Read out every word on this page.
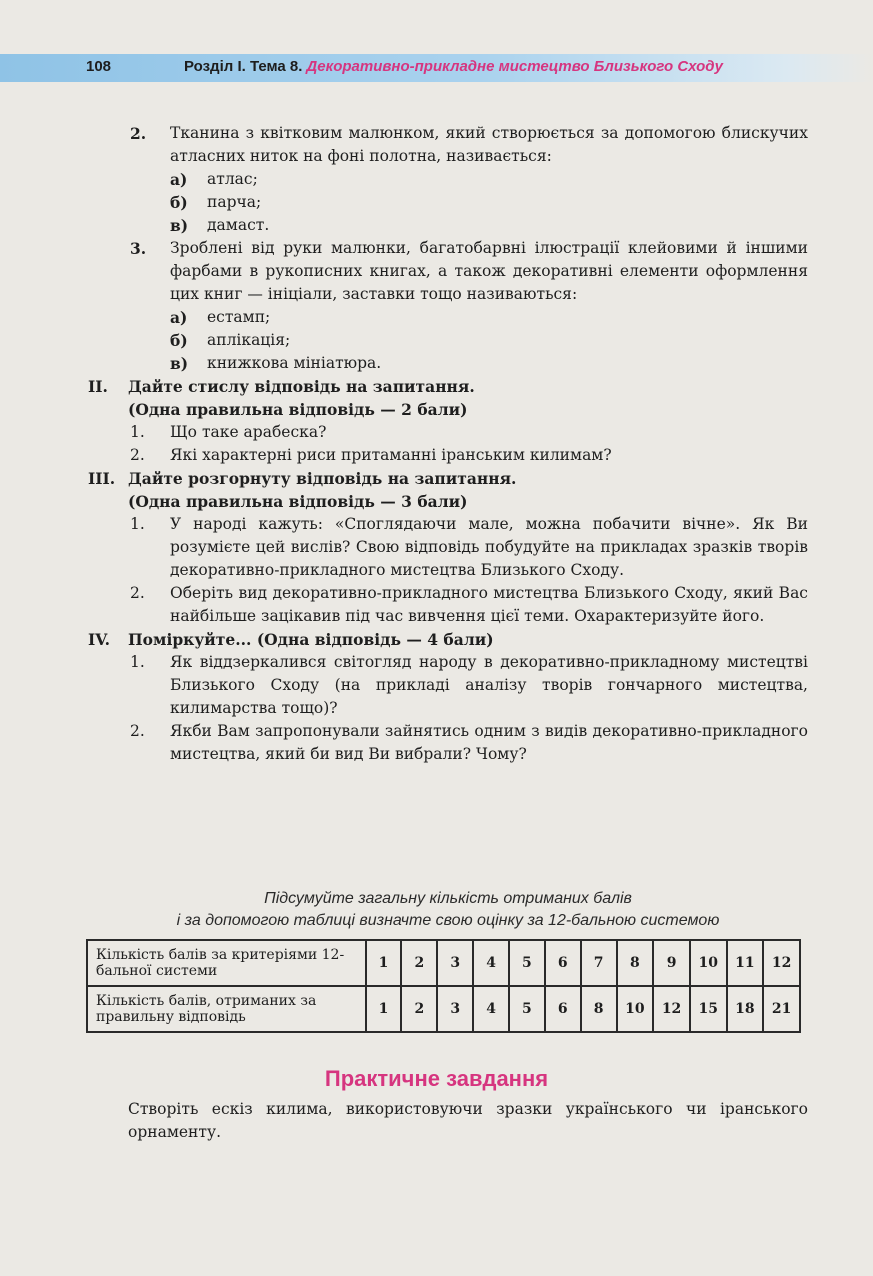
108	Розділ І. Тема 8. Декоративно-прикладне мистецтво Близького Сходу
2. Тканина з квітковим малюнком, який створюється за допомогою блискучих атласних ниток на фоні полотна, називається:
а) атлас;
б) парча;
в) дамаст.
3. Зроблені від руки малюнки, багатобарвні ілюстрації клейовими й іншими фарбами в рукописних книгах, а також декоративні елементи оформлення цих книг — ініціали, заставки тощо називаються:
а) естамп;
б) аплікація;
в) книжкова мініатюра.
II. Дайте стислу відповідь на запитання.
(Одна правильна відповідь — 2 бали)
1. Що таке арабеска?
2. Які характерні риси притаманні іранським килимам?
III. Дайте розгорнуту відповідь на запитання.
(Одна правильна відповідь — 3 бали)
1. У народі кажуть: «Споглядаючи мале, можна побачити вічне». Як Ви розумієте цей вислів? Свою відповідь побудуйте на прикладах зразків творів декоративно-прикладного мистецтва Близького Сходу.
2. Оберіть вид декоративно-прикладного мистецтва Близького Сходу, який Вас найбільше зацікавив під час вивчення цієї теми. Охарактеризуйте його.
IV. Поміркуйте... (Одна відповідь — 4 бали)
1. Як віддзеркалився світогляд народу в декоративно-прикладному мистецтві Близького Сходу (на прикладі аналізу творів гончарного мистецтва, килимарства тощо)?
2. Якби Вам запропонували зайнятись одним з видів декоративно-прикладного мистецтва, який би вид Ви вибрали? Чому?
Підсумуйте загальну кількість отриманих балів
і за допомогою таблиці визначте свою оцінку за 12-бальною системою
Кількість балів за критеріями 12-бальної системи	1	2	3	4	5	6	7	8	9	10	11	12
Кількість балів, отриманих за правильну відповідь	1	2	3	4	5	6	8	10	12	15	18	21
Практичне завдання
Створіть ескіз килима, використовуючи зразки українського чи іранського орнаменту.
